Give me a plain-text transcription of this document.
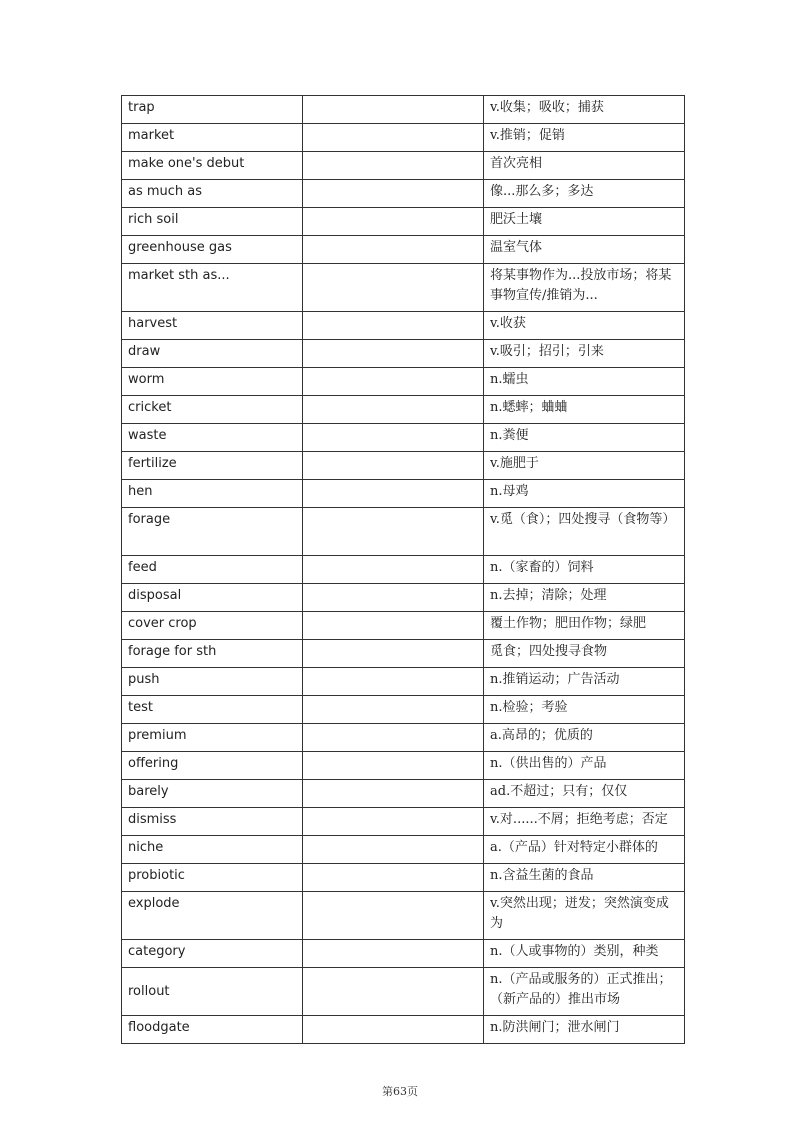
trap		v.收集；吸收；捕获
market		v.推销；促销
make one's debut		首次亮相
as much as		像...那么多；多达
rich soil		肥沃土壤
greenhouse gas		温室气体
market sth as...		将某事物作为...投放市场；将某事物宣传/推销为...
harvest		v.收获
draw		v.吸引；招引；引来
worm		n.蠕虫
cricket		n.蟋蟀；蛐蛐
waste		n.粪便
fertilize		v.施肥于
hen		n.母鸡
forage		v.觅（食）；四处搜寻（食物等）
feed		n.（家畜的）饲料
disposal		n.去掉；清除；处理
cover crop		覆土作物；肥田作物；绿肥
forage for sth		觅食；四处搜寻食物
push		n.推销运动；广告活动
test		n.检验；考验
premium		a.高昂的；优质的
offering		n.（供出售的）产品
barely		ad.不超过；只有；仅仅
dismiss		v.对......不屑；拒绝考虑；否定
niche		a.（产品）针对特定小群体的
probiotic		n.含益生菌的食品
explode		v.突然出现；迸发；突然演变成为
category		n.（人或事物的）类别，种类
rollout		n.（产品或服务的）正式推出；（新产品的）推出市场
floodgate		n.防洪闸门；泄水闸门
第63页
